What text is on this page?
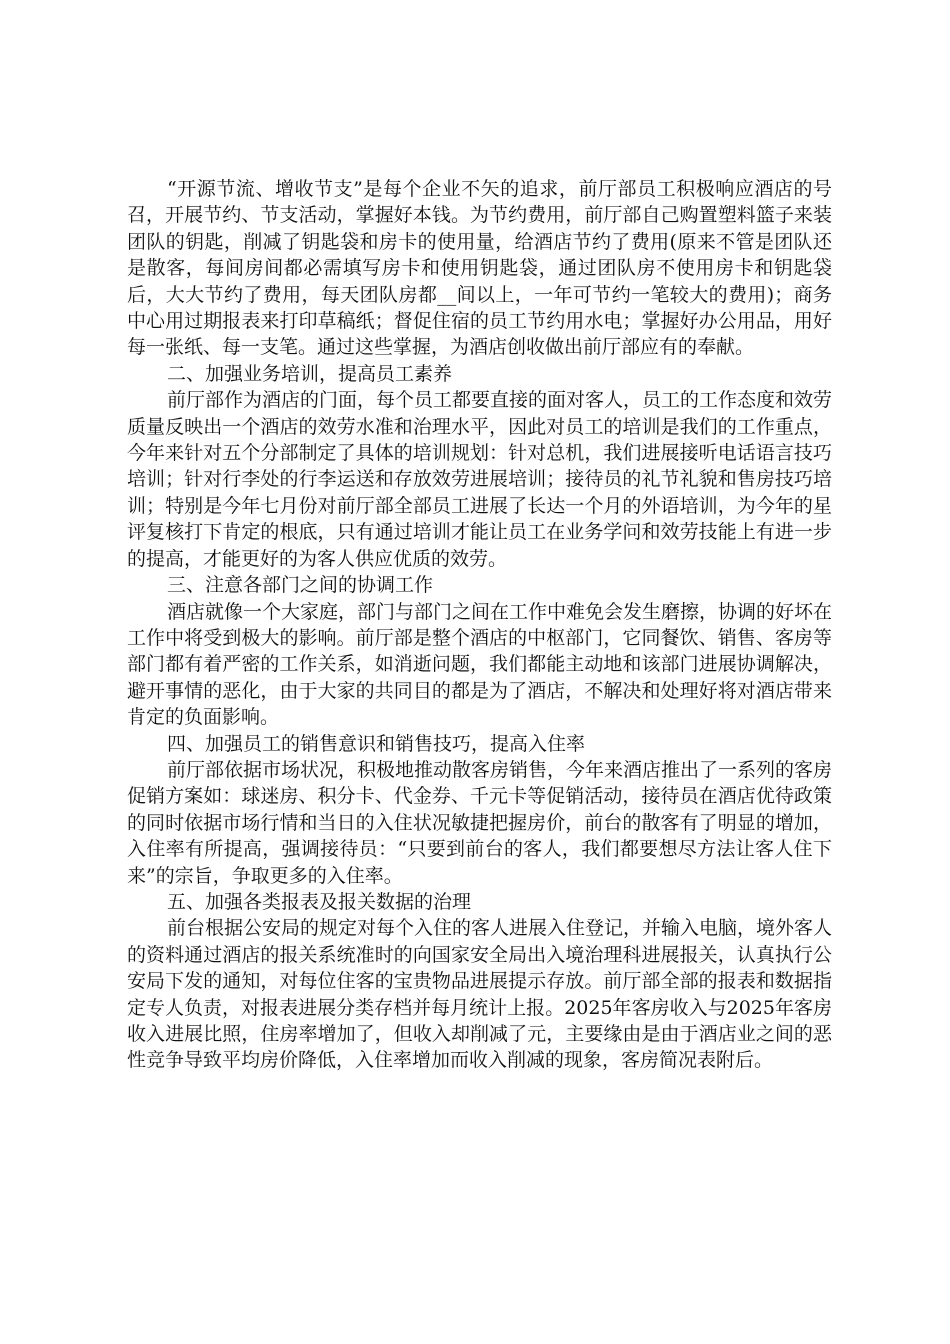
“开源节流、增收节支”是每个企业不矢的追求，前厅部员工积极响应酒店的号召，开展节约、节支活动，掌握好本钱。为节约费用，前厅部自己购置塑料篮子来装团队的钥匙，削减了钥匙袋和房卡的使用量，给酒店节约了费用(原来不管是团队还是散客，每间房间都必需填写房卡和使用钥匙袋，通过团队房不使用房卡和钥匙袋后，大大节约了费用，每天团队房都__间以上，一年可节约一笔较大的费用)；商务中心用过期报表来打印草稿纸；督促住宿的员工节约用水电；掌握好办公用品，用好每一张纸、每一支笔。通过这些掌握，为酒店创收做出前厅部应有的奉献。

二、加强业务培训，提高员工素养

前厅部作为酒店的门面，每个员工都要直接的面对客人，员工的工作态度和效劳质量反映出一个酒店的效劳水准和治理水平，因此对员工的培训是我们的工作重点，今年来针对五个分部制定了具体的培训规划：针对总机，我们进展接听电话语言技巧培训；针对行李处的行李运送和存放效劳进展培训；接待员的礼节礼貌和售房技巧培训；特别是今年七月份对前厅部全部员工进展了长达一个月的外语培训，为今年的星评复核打下肯定的根底，只有通过培训才能让员工在业务学问和效劳技能上有进一步的提高，才能更好的为客人供应优质的效劳。

三、注意各部门之间的协调工作

酒店就像一个大家庭，部门与部门之间在工作中难免会发生磨擦，协调的好坏在工作中将受到极大的影响。前厅部是整个酒店的中枢部门，它同餐饮、销售、客房等部门都有着严密的工作关系，如消逝问题，我们都能主动地和该部门进展协调解决，避开事情的恶化，由于大家的共同目的都是为了酒店，不解决和处理好将对酒店带来肯定的负面影响。

四、加强员工的销售意识和销售技巧，提高入住率

前厅部依据市场状况，积极地推动散客房销售，今年来酒店推出了一系列的客房促销方案如：球迷房、积分卡、代金券、千元卡等促销活动，接待员在酒店优待政策的同时依据市场行情和当日的入住状况敏捷把握房价，前台的散客有了明显的增加，入住率有所提高，强调接待员：“只要到前台的客人，我们都要想尽方法让客人住下来”的宗旨，争取更多的入住率。

五、加强各类报表及报关数据的治理

前台根据公安局的规定对每个入住的客人进展入住登记，并输入电脑，境外客人的资料通过酒店的报关系统准时的向国家安全局出入境治理科进展报关，认真执行公安局下发的通知，对每位住客的宝贵物品进展提示存放。前厅部全部的报表和数据指定专人负责，对报表进展分类存档并每月统计上报。2025年客房收入与2025年客房收入进展比照，住房率增加了，但收入却削减了元，主要缘由是由于酒店业之间的恶性竞争导致平均房价降低，入住率增加而收入削减的现象，客房简况表附后。
